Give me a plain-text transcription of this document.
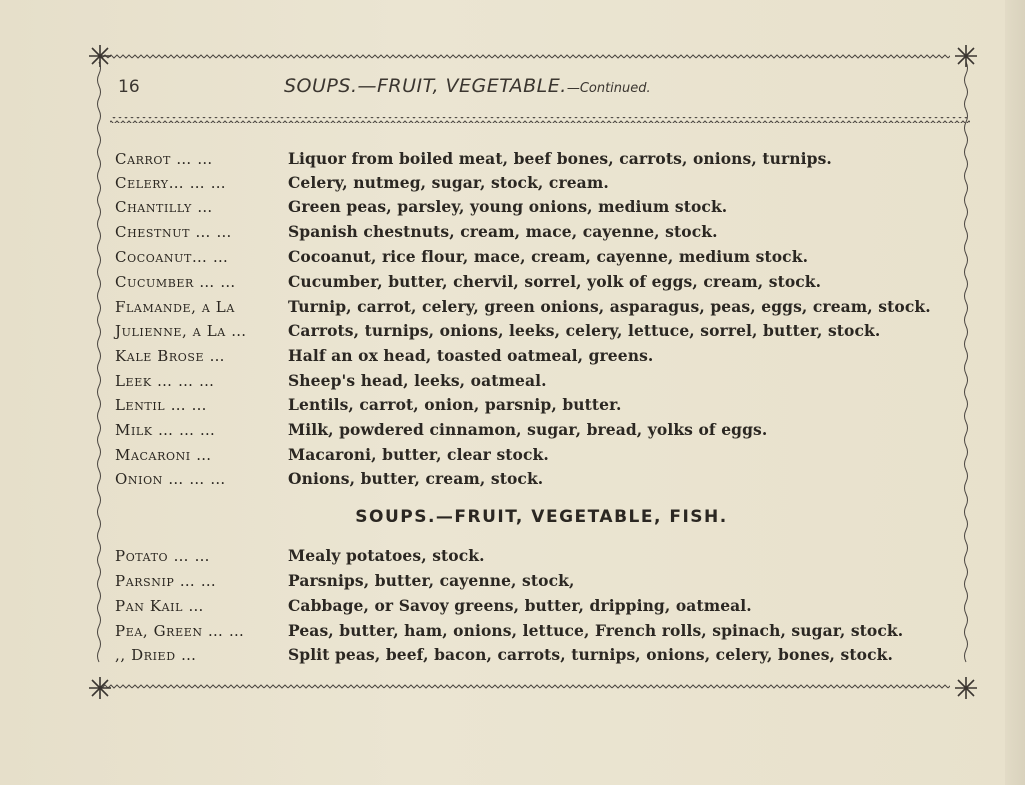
16	SOUPS.—FRUIT, VEGETABLE.—Continued.
Carrot … …	Liquor from boiled meat, beef bones, carrots, onions, turnips.
Celery… … …	Celery, nutmeg, sugar, stock, cream.
Chantilly …	Green peas, parsley, young onions, medium stock.
Chestnut … …	Spanish chestnuts, cream, mace, cayenne, stock.
Cocoanut… …	Cocoanut, rice flour, mace, cream, cayenne, medium stock.
Cucumber … …	Cucumber, butter, chervil, sorrel, yolk of eggs, cream, stock.
Flamande, a La	Turnip, carrot, celery, green onions, asparagus, peas, eggs, cream, stock.
Julienne, a La …	Carrots, turnips, onions, leeks, celery, lettuce, sorrel, butter, stock.
Kale Brose …	Half an ox head, toasted oatmeal, greens.
Leek … … …	Sheep's head, leeks, oatmeal.
Lentil … …	Lentils, carrot, onion, parsnip, butter.
Milk … … …	Milk, powdered cinnamon, sugar, bread, yolks of eggs.
Macaroni …	Macaroni, butter, clear stock.
Onion … … …	Onions, butter, cream, stock.
SOUPS.—FRUIT, VEGETABLE, FISH.
Potato … …	Mealy potatoes, stock.
Parsnip … …	Parsnips, butter, cayenne, stock,
Pan Kail …	Cabbage, or Savoy greens, butter, dripping, oatmeal.
Pea, Green … …	Peas, butter, ham, onions, lettuce, French rolls, spinach, sugar, stock.
,, Dried …	Split peas, beef, bacon, carrots, turnips, onions, celery, bones, stock.
